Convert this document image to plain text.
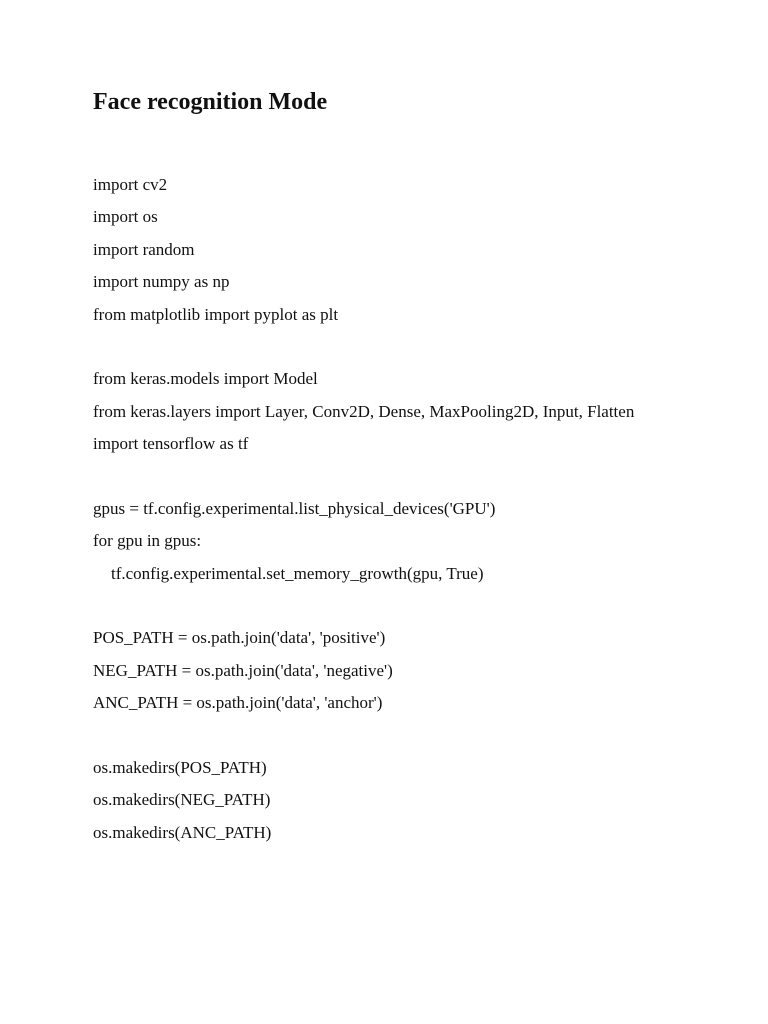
Face recognition Mode
import cv2
import os
import random
import numpy as np
from matplotlib import pyplot as plt
from keras.models import Model
from keras.layers import Layer, Conv2D, Dense, MaxPooling2D, Input, Flatten
import tensorflow as tf
gpus = tf.config.experimental.list_physical_devices('GPU')
for gpu in gpus:
tf.config.experimental.set_memory_growth(gpu, True)
POS_PATH = os.path.join('data', 'positive')
NEG_PATH = os.path.join('data', 'negative')
ANC_PATH = os.path.join('data', 'anchor')
os.makedirs(POS_PATH)
os.makedirs(NEG_PATH)
os.makedirs(ANC_PATH)
